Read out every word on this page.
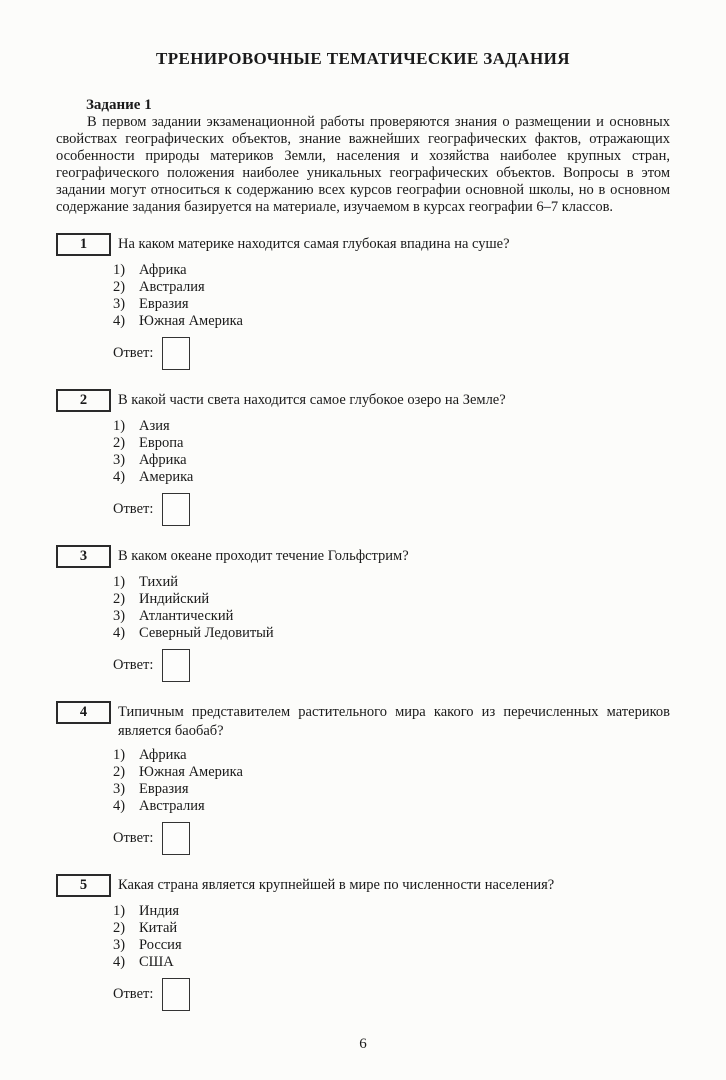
ТРЕНИРОВОЧНЫЕ ТЕМАТИЧЕСКИЕ ЗАДАНИЯ
Задание 1

В первом задании экзаменационной работы проверяются знания о размещении и основных свойствах географических объектов, знание важнейших географических фактов, отражающих особенности природы материков Земли, населения и хозяйства наиболее крупных стран, географического положения наиболее уникальных географических объектов. Вопросы в этом задании могут относиться к содержанию всех курсов географии основной школы, но в основном содержание задания базируется на материале, изучаемом в курсах географии 6–7 классов.

1 На каком материке находится самая глубокая впадина на суше?
1) Африка
2) Австралия
3) Евразия
4) Южная Америка
Ответ:
2 В какой части света находится самое глубокое озеро на Земле?
1) Азия
2) Европа
3) Африка
4) Америка
Ответ:
3 В каком океане проходит течение Гольфстрим?
1) Тихий
2) Индийский
3) Атлантический
4) Северный Ледовитый
Ответ:
4 Типичным представителем растительного мира какого из перечисленных материков является баобаб?
1) Африка
2) Южная Америка
3) Евразия
4) Австралия
Ответ:
5 Какая страна является крупнейшей в мире по численности населения?
1) Индия
2) Китай
3) Россия
4) США
Ответ:
6
